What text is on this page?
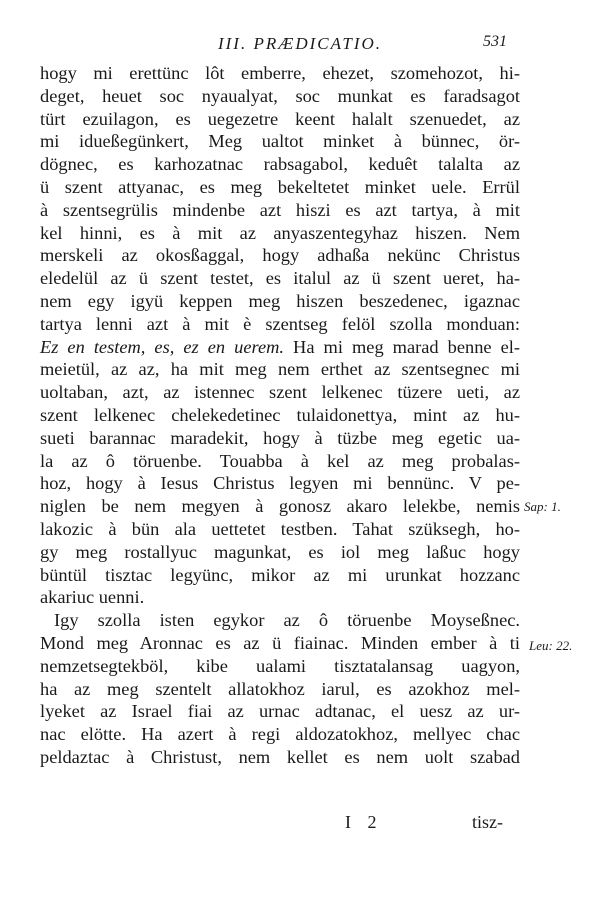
III. PRÆDICATIO.	531
hogy mi erettünc lôt emberre, ehezet, szomehozot, hi-
deget, heuet soc nyaualyat, soc munkat es faradsagot
türt ezuilagon, es uegezetre keent halalt szenuedet, az
mi idueßegünkert, Meg ualtot minket à bünnec, ör-
dögnec, es karhozatnac rabsagabol, keduêt talalta az
ü szent attyanac, es meg bekeltetet minket uele. Errül
à szentsegrülis mindenbe azt hiszi es azt tartya, à mit
kel hinni, es à mit az anyaszentegyhaz hiszen. Nem
merskeli az okosßaggal, hogy adhaßa nekünc Christus
eledelül az ü szent testet, es italul az ü szent ueret, ha-
nem egy igyü keppen meg hiszen beszedenec, igaznac
tartya lenni azt à mit è szentseg felöl szolla monduan:
Ez en testem, es, ez en uerem. Ha mi meg marad benne el-
meietül, az az, ha mit meg nem erthet az szentsegnec mi
uoltaban, azt, az istennec szent lelkenec tüzere ueti, az
szent lelkenec chelekedetinec tulaidonettya, mint az hu-
sueti barannac maradekit, hogy à tüzbe meg egetic ua-
la az ô töruenbe. Touabba à kel az meg probalas-
hoz, hogy à Iesus Christus legyen mi bennünc. V pe-
niglen be nem megyen à gonosz akaro lelekbe, nemis
lakozic à bün ala uettetet testben. Tahat szüksegh, ho-
gy meg rostallyuc magunkat, es iol meg laßuc hogy
büntül tisztac legyünc, mikor az mi urunkat hozzanc
akariuc uenni.
Igy szolla isten egykor az ô töruenbe Moyseßnec.
Mond meg Aronnac es az ü fiainac. Minden ember à ti
nemzetsegtekböl, kibe ualami tisztatalansag uagyon,
ha az meg szentelt allatokhoz iarul, es azokhoz mel-
lyeket az Israel fiai az urnac adtanac, el uesz az ur-
nac elötte. Ha azert à regi aldozatokhoz, mellyec chac
peldaztac à Christust, nem kellet es nem uolt szabad
Sap: 1.
Leu: 22.
I 2	tisz-
